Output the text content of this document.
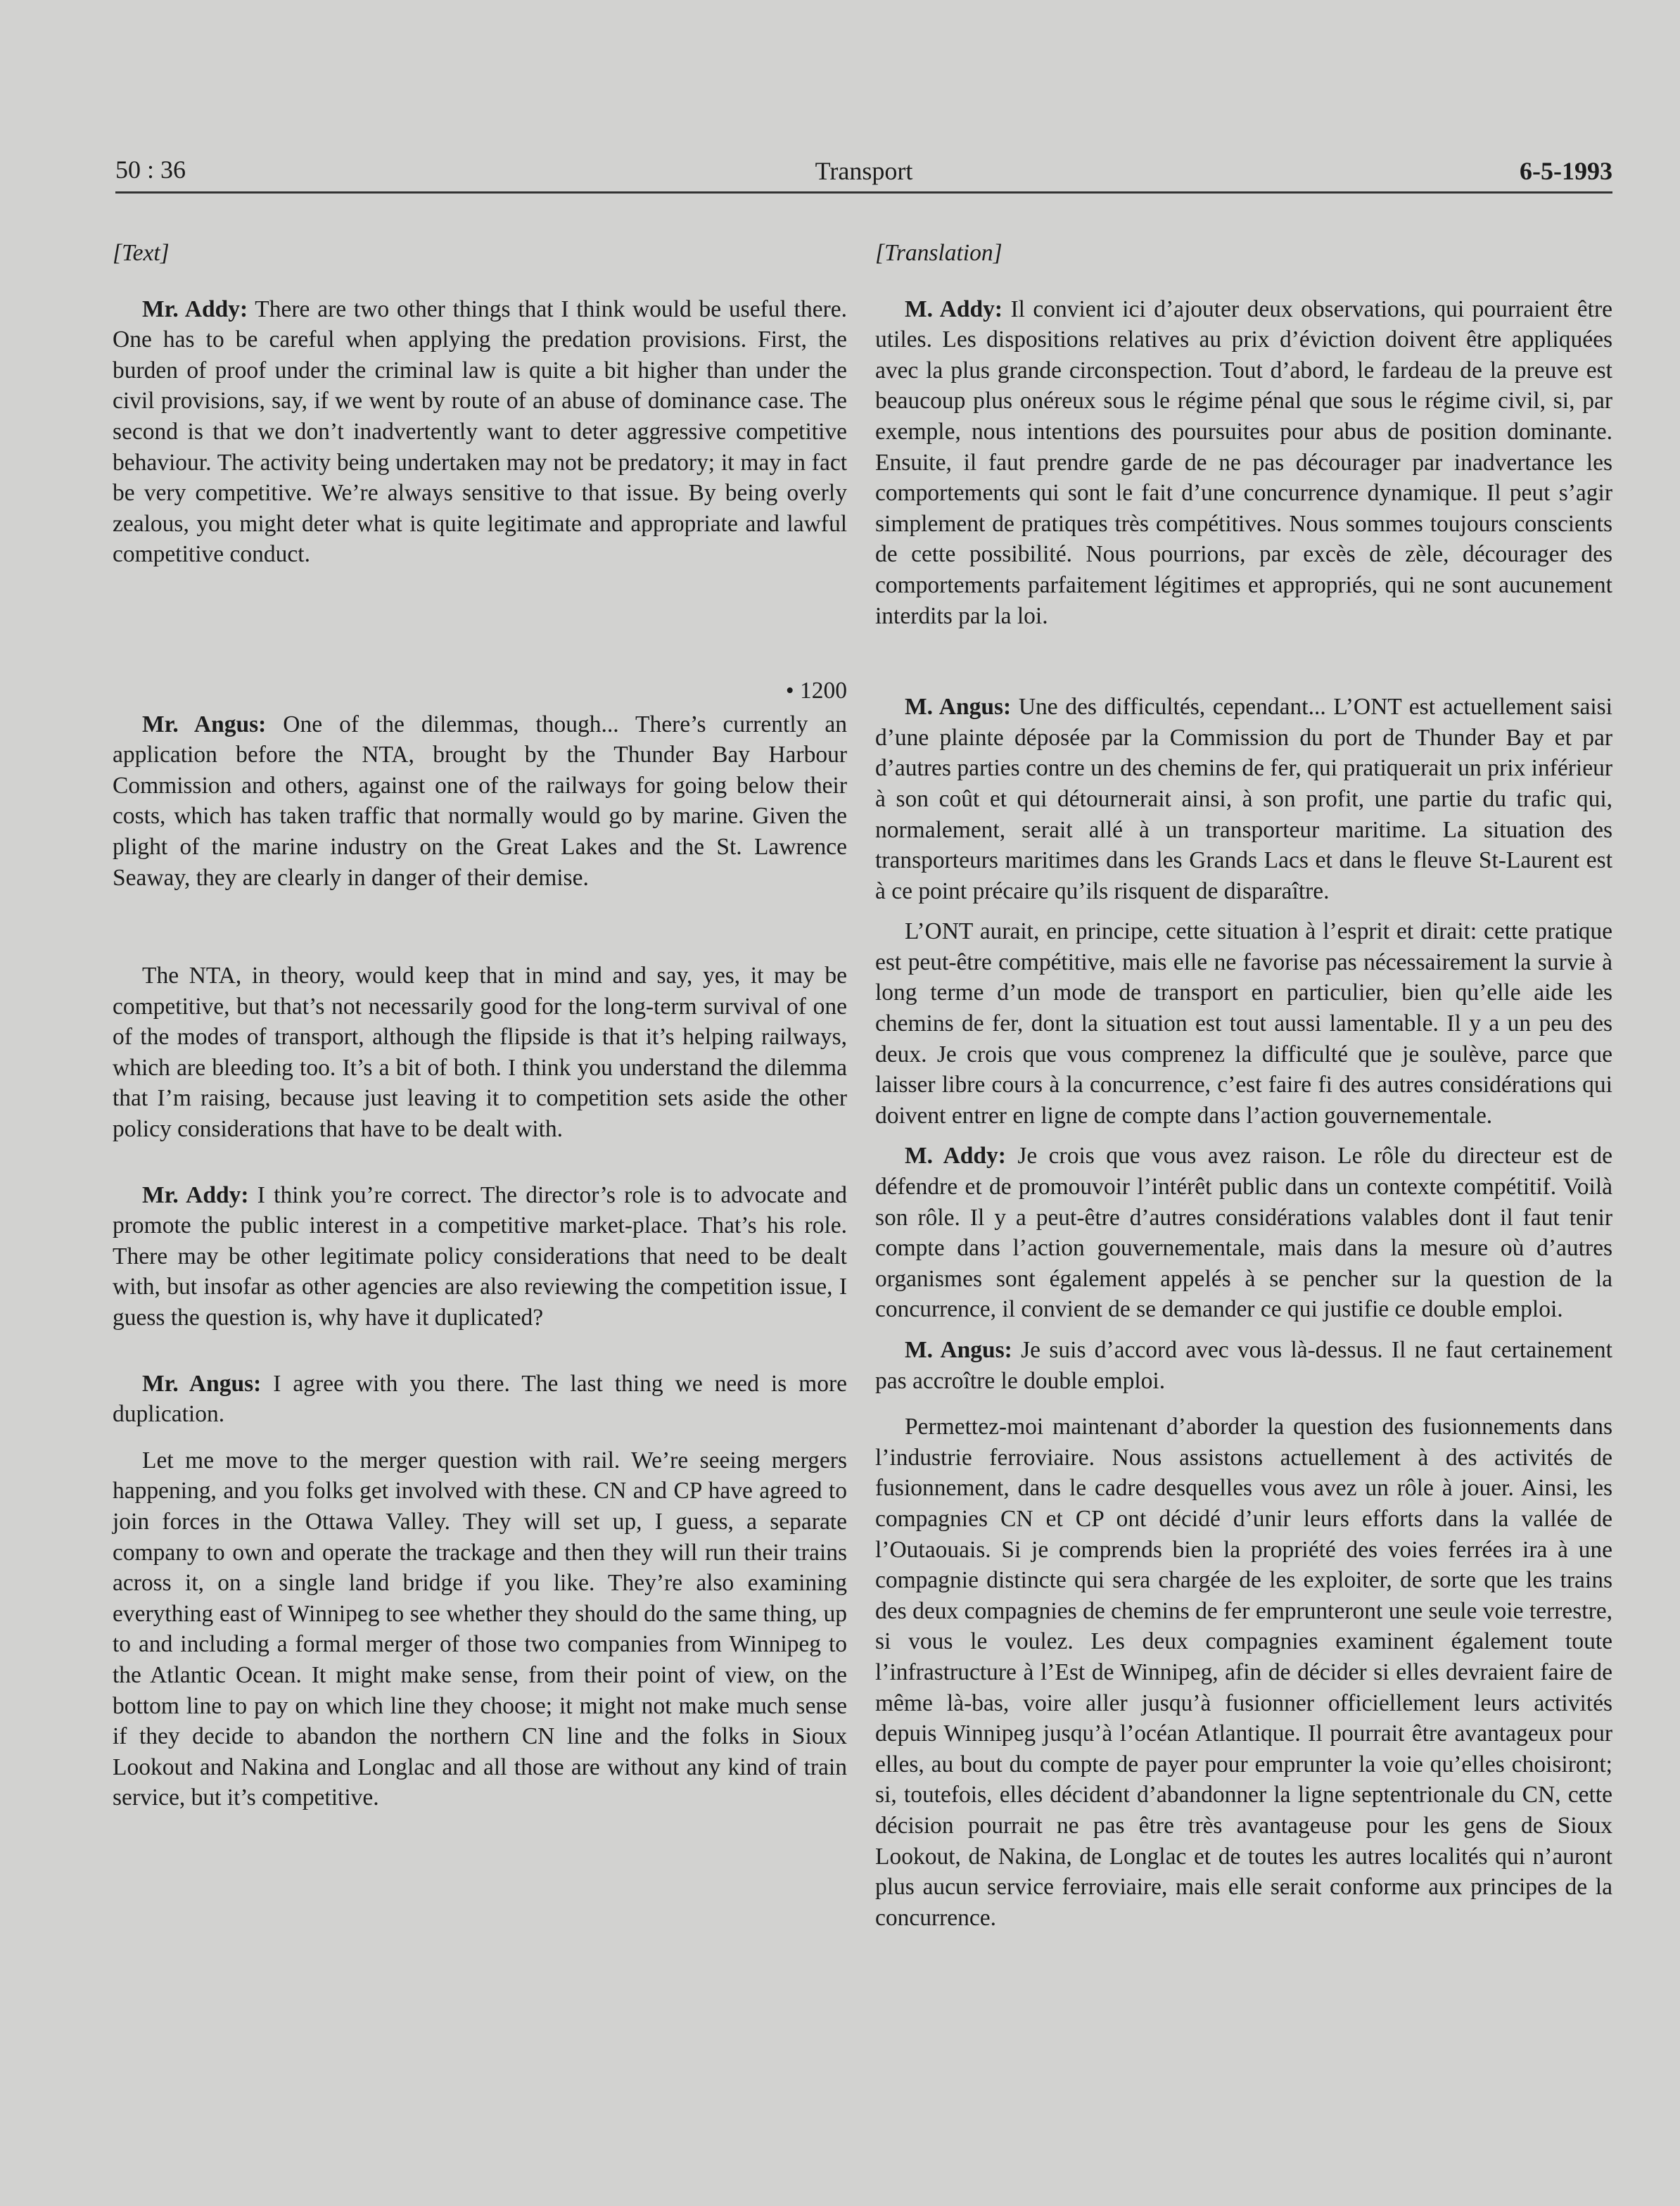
50 : 36	Transport	6-5-1993

[Text]

Mr. Addy: There are two other things that I think would be useful there. One has to be careful when applying the predation provisions. First, the burden of proof under the criminal law is quite a bit higher than under the civil provisions, say, if we went by route of an abuse of dominance case. The second is that we don’t inadvertently want to deter aggressive competitive behaviour. The activity being undertaken may not be predatory; it may in fact be very competitive. We’re always sensitive to that issue. By being overly zealous, you might deter what is quite legitimate and appropriate and lawful competitive conduct.

• 1200

Mr. Angus: One of the dilemmas, though... There’s currently an application before the NTA, brought by the Thunder Bay Harbour Commission and others, against one of the railways for going below their costs, which has taken traffic that normally would go by marine. Given the plight of the marine industry on the Great Lakes and the St. Lawrence Seaway, they are clearly in danger of their demise.

The NTA, in theory, would keep that in mind and say, yes, it may be competitive, but that’s not necessarily good for the long-term survival of one of the modes of transport, although the flipside is that it’s helping railways, which are bleeding too. It’s a bit of both. I think you understand the dilemma that I’m raising, because just leaving it to competition sets aside the other policy considerations that have to be dealt with.

Mr. Addy: I think you’re correct. The director’s role is to advocate and promote the public interest in a competitive market-place. That’s his role. There may be other legitimate policy considerations that need to be dealt with, but insofar as other agencies are also reviewing the competition issue, I guess the question is, why have it duplicated?

Mr. Angus: I agree with you there. The last thing we need is more duplication.

Let me move to the merger question with rail. We’re seeing mergers happening, and you folks get involved with these. CN and CP have agreed to join forces in the Ottawa Valley. They will set up, I guess, a separate company to own and operate the trackage and then they will run their trains across it, on a single land bridge if you like. They’re also examining everything east of Winnipeg to see whether they should do the same thing, up to and including a formal merger of those two companies from Winnipeg to the Atlantic Ocean. It might make sense, from their point of view, on the bottom line to pay on which line they choose; it might not make much sense if they decide to abandon the northern CN line and the folks in Sioux Lookout and Nakina and Longlac and all those are without any kind of train service, but it’s competitive.

[Translation]

M. Addy: Il convient ici d’ajouter deux observations, qui pourraient être utiles. Les dispositions relatives au prix d’éviction doivent être appliquées avec la plus grande circonspection. Tout d’abord, le fardeau de la preuve est beaucoup plus onéreux sous le régime pénal que sous le régime civil, si, par exemple, nous intentions des poursuites pour abus de position dominante. Ensuite, il faut prendre garde de ne pas décourager par inadvertance les comportements qui sont le fait d’une concurrence dynamique. Il peut s’agir simplement de pratiques très compétitives. Nous sommes toujours conscients de cette possibilité. Nous pourrions, par excès de zèle, décourager des comportements parfaitement légitimes et appropriés, qui ne sont aucunement interdits par la loi.

M. Angus: Une des difficultés, cependant... L’ONT est actuellement saisi d’une plainte déposée par la Commission du port de Thunder Bay et par d’autres parties contre un des chemins de fer, qui pratiquerait un prix inférieur à son coût et qui détournerait ainsi, à son profit, une partie du trafic qui, normalement, serait allé à un transporteur maritime. La situation des transporteurs maritimes dans les Grands Lacs et dans le fleuve St-Laurent est à ce point précaire qu’ils risquent de disparaître.

L’ONT aurait, en principe, cette situation à l’esprit et dirait: cette pratique est peut-être compétitive, mais elle ne favorise pas nécessairement la survie à long terme d’un mode de transport en particulier, bien qu’elle aide les chemins de fer, dont la situation est tout aussi lamentable. Il y a un peu des deux. Je crois que vous comprenez la difficulté que je soulève, parce que laisser libre cours à la concurrence, c’est faire fi des autres considérations qui doivent entrer en ligne de compte dans l’action gouvernementale.

M. Addy: Je crois que vous avez raison. Le rôle du directeur est de défendre et de promouvoir l’intérêt public dans un contexte compétitif. Voilà son rôle. Il y a peut-être d’autres considérations valables dont il faut tenir compte dans l’action gouvernementale, mais dans la mesure où d’autres organismes sont également appelés à se pencher sur la question de la concurrence, il convient de se demander ce qui justifie ce double emploi.

M. Angus: Je suis d’accord avec vous là-dessus. Il ne faut certainement pas accroître le double emploi.

Permettez-moi maintenant d’aborder la question des fusionnements dans l’industrie ferroviaire. Nous assistons actuellement à des activités de fusionnement, dans le cadre desquelles vous avez un rôle à jouer. Ainsi, les compagnies CN et CP ont décidé d’unir leurs efforts dans la vallée de l’Outaouais. Si je comprends bien la propriété des voies ferrées ira à une compagnie distincte qui sera chargée de les exploiter, de sorte que les trains des deux compagnies de chemins de fer emprunteront une seule voie terrestre, si vous le voulez. Les deux compagnies examinent également toute l’infrastructure à l’Est de Winnipeg, afin de décider si elles devraient faire de même là-bas, voire aller jusqu’à fusionner officiellement leurs activités depuis Winnipeg jusqu’à l’océan Atlantique. Il pourrait être avantageux pour elles, au bout du compte de payer pour emprunter la voie qu’elles choisiront; si, toutefois, elles décident d’abandonner la ligne septentrionale du CN, cette décision pourrait ne pas être très avantageuse pour les gens de Sioux Lookout, de Nakina, de Longlac et de toutes les autres localités qui n’auront plus aucun service ferroviaire, mais elle serait conforme aux principes de la concurrence.
